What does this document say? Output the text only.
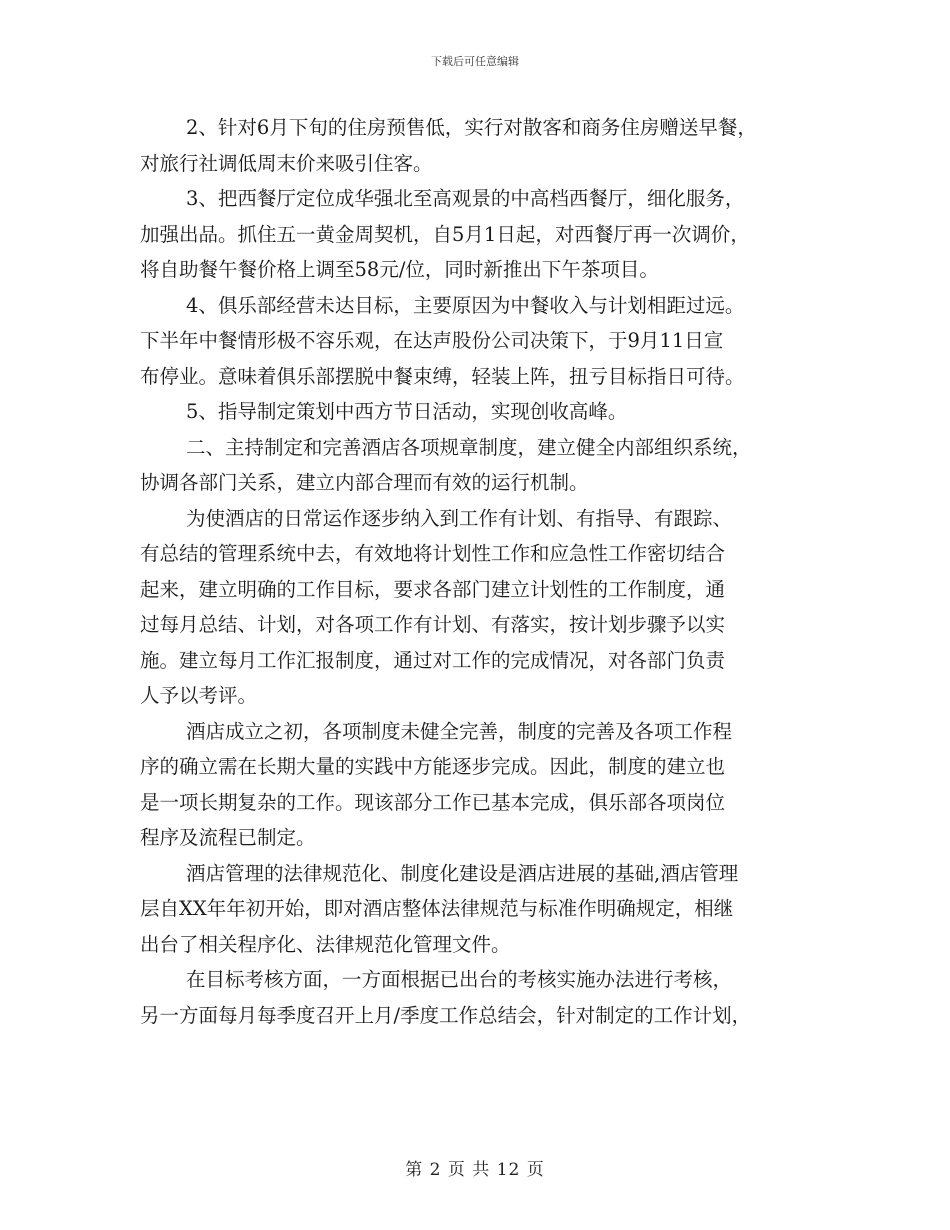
下载后可任意编辑
2、针对6月下旬的住房预售低，实行对散客和商务住房赠送早餐，
对旅行社调低周末价来吸引住客。
3、把西餐厅定位成华强北至高观景的中高档西餐厅，细化服务，
加强出品。抓住五一黄金周契机，自5月1日起，对西餐厅再一次调价，
将自助餐午餐价格上调至58元/位，同时新推出下午茶项目。
4、俱乐部经营未达目标，主要原因为中餐收入与计划相距过远。
下半年中餐情形极不容乐观，在达声股份公司决策下，于9月11日宣
布停业。意味着俱乐部摆脱中餐束缚，轻装上阵，扭亏目标指日可待。
5、指导制定策划中西方节日活动，实现创收高峰。
二、主持制定和完善酒店各项规章制度，建立健全内部组织系统，
协调各部门关系，建立内部合理而有效的运行机制。
为使酒店的日常运作逐步纳入到工作有计划、有指导、有跟踪、
有总结的管理系统中去，有效地将计划性工作和应急性工作密切结合
起来，建立明确的工作目标，要求各部门建立计划性的工作制度，通
过每月总结、计划，对各项工作有计划、有落实，按计划步骤予以实
施。建立每月工作汇报制度，通过对工作的完成情况，对各部门负责
人予以考评。
酒店成立之初，各项制度未健全完善，制度的完善及各项工作程
序的确立需在长期大量的实践中方能逐步完成。因此，制度的建立也
是一项长期复杂的工作。现该部分工作已基本完成，俱乐部各项岗位
程序及流程已制定。
酒店管理的法律规范化、制度化建设是酒店进展的基础,酒店管理
层自XX年年初开始，即对酒店整体法律规范与标准作明确规定，相继
出台了相关程序化、法律规范化管理文件。
在目标考核方面，一方面根据已出台的考核实施办法进行考核，
另一方面每月每季度召开上月/季度工作总结会，针对制定的工作计划，
第 2 页 共 12 页
